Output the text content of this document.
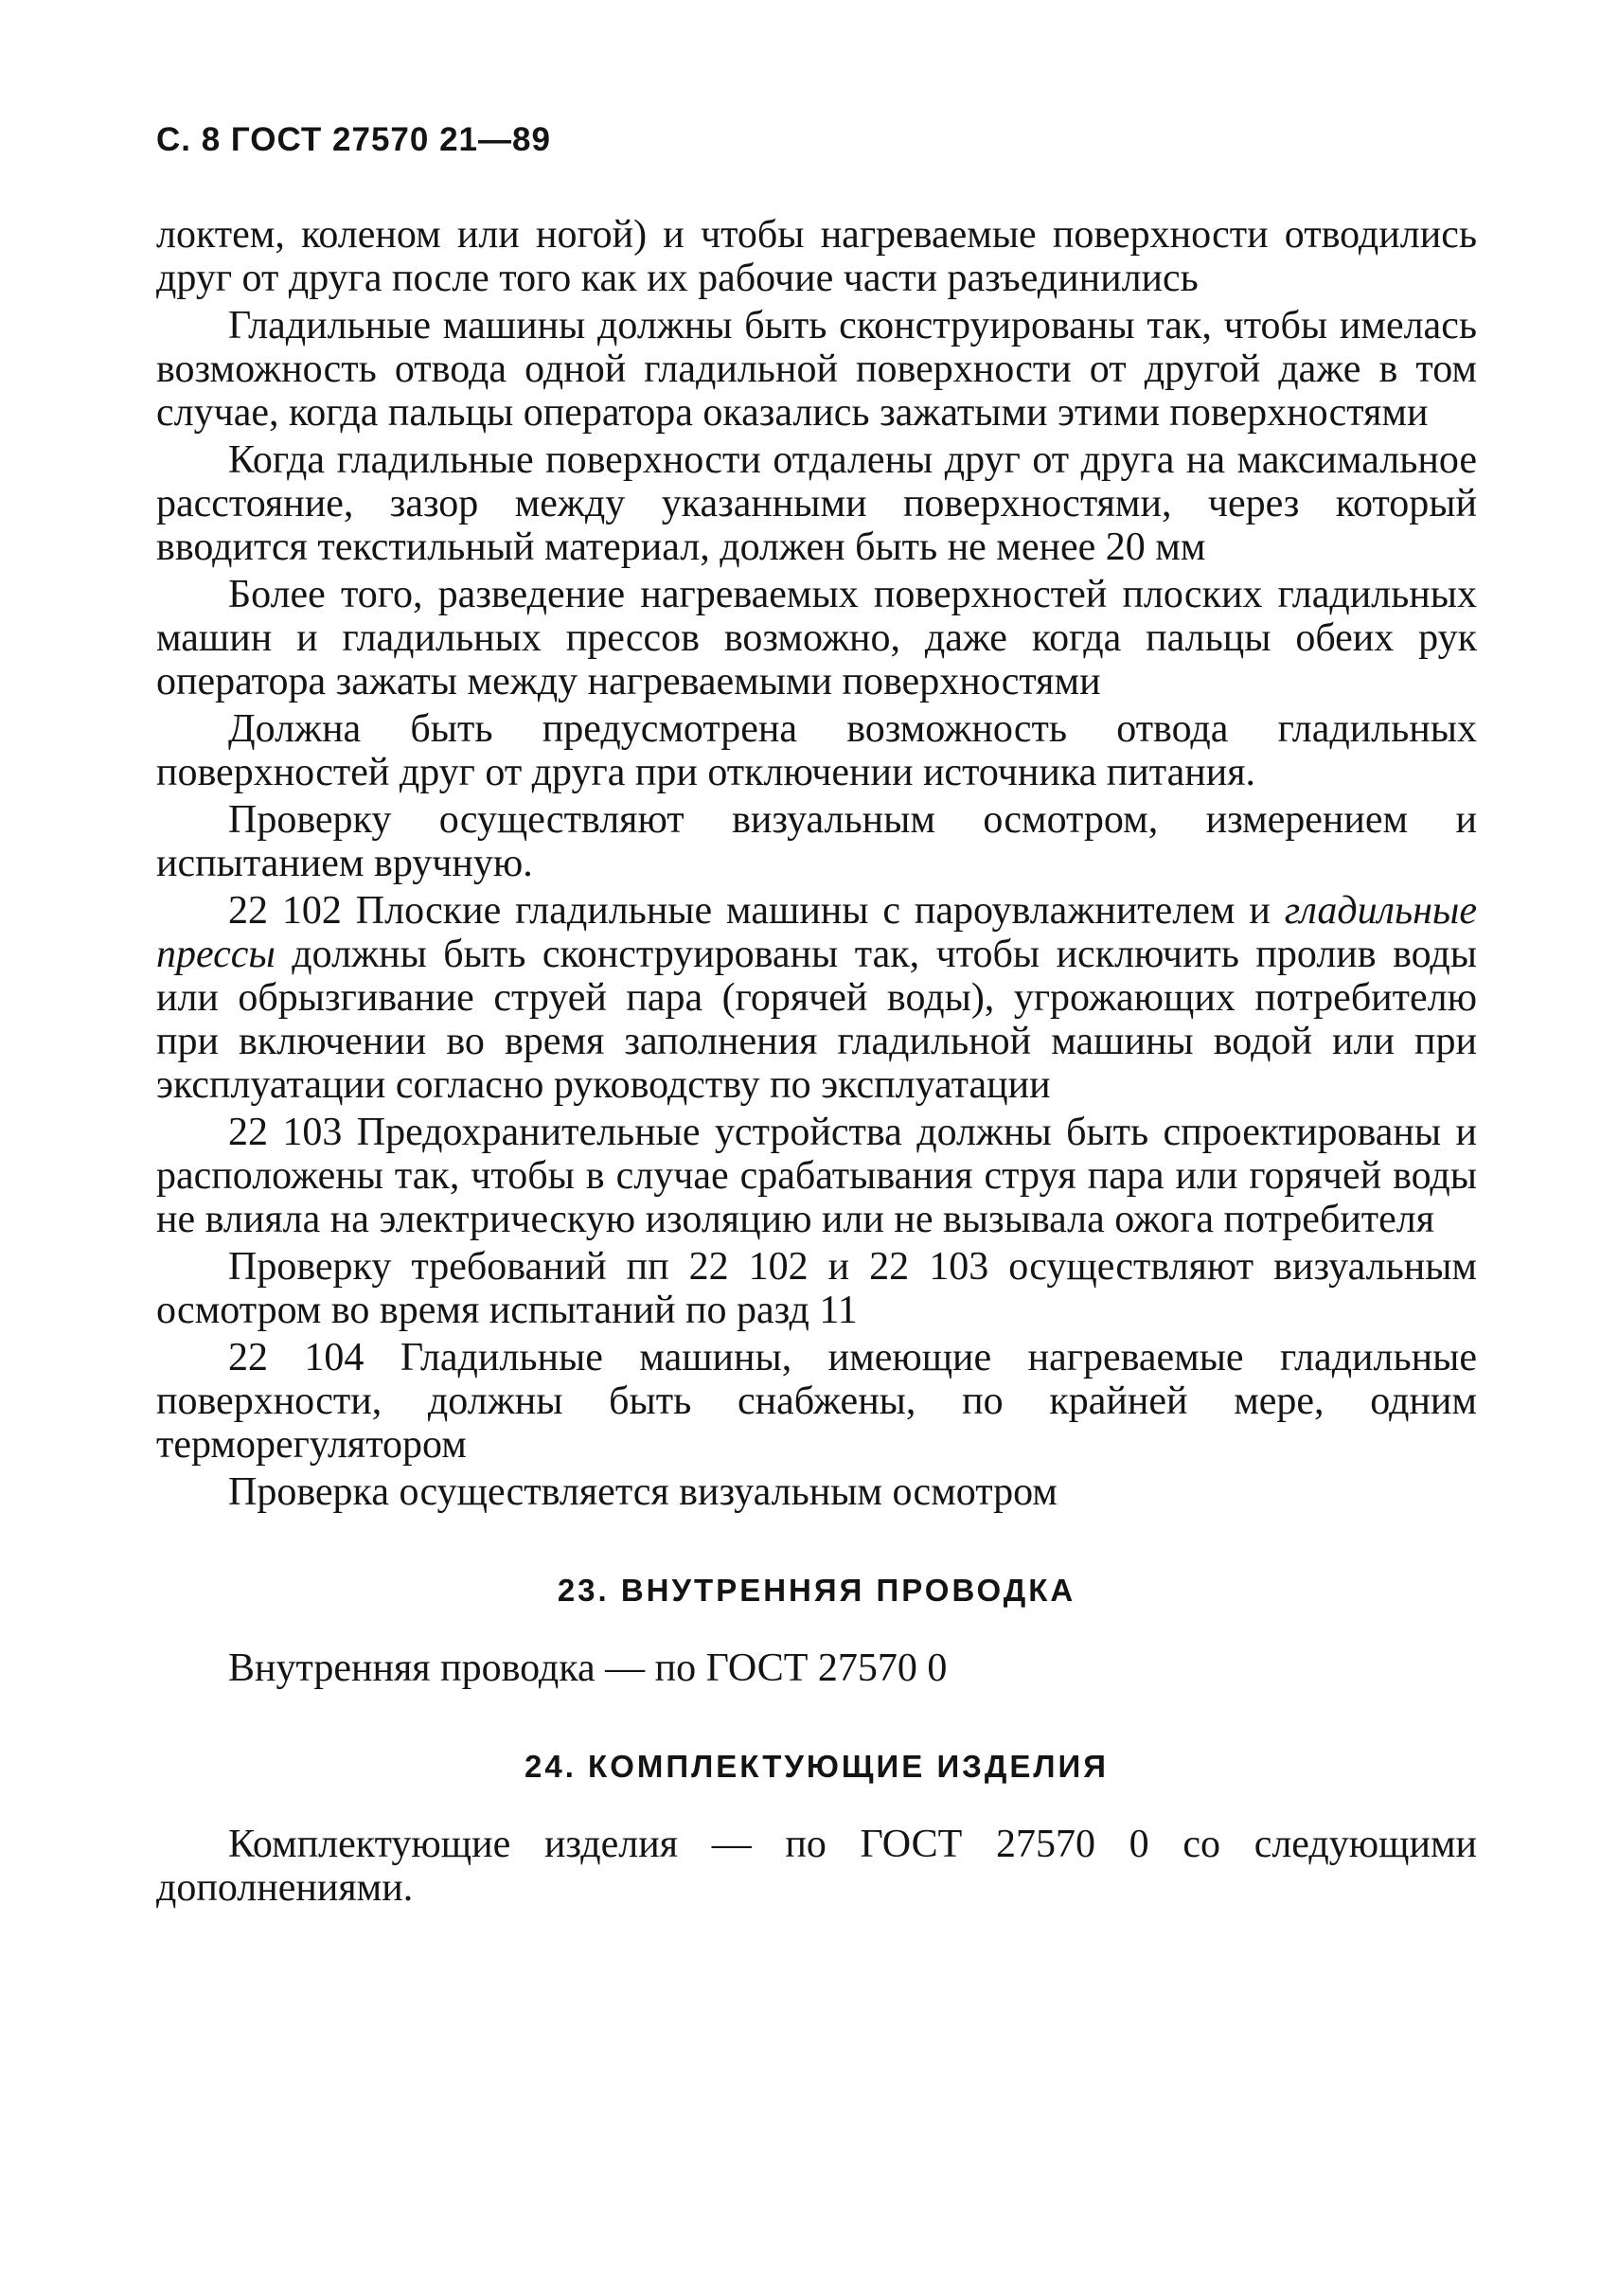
С. 8 ГОСТ 27570 21—89

локтем, коленом или ногой) и чтобы нагреваемые поверхности отводились друг от друга после того как их рабочие части разъединились

Гладильные машины должны быть сконструированы так, чтобы имелась возможность отвода одной гладильной поверхности от другой даже в том случае, когда пальцы оператора оказались зажатыми этими поверхностями

Когда гладильные поверхности отдалены друг от друга на максимальное расстояние, зазор между указанными поверхностями, через который вводится текстильный материал, должен быть не менее 20 мм

Более того, разведение нагреваемых поверхностей плоских гладильных машин и гладильных прессов возможно, даже когда пальцы обеих рук оператора зажаты между нагреваемыми поверхностями

Должна быть предусмотрена возможность отвода гладильных поверхностей друг от друга при отключении источника питания.

Проверку осуществляют визуальным осмотром, измерением и испытанием вручную.

22 102 Плоские гладильные машины с пароувлажнителем и гладильные прессы должны быть сконструированы так, чтобы исключить пролив воды или обрызгивание струей пара (горячей воды), угрожающих потребителю при включении во время заполнения гладильной машины водой или при эксплуатации согласно руководству по эксплуатации

22 103 Предохранительные устройства должны быть спроектированы и расположены так, чтобы в случае срабатывания струя пара или горячей воды не влияла на электрическую изоляцию или не вызывала ожога потребителя

Проверку требований пп 22 102 и 22 103 осуществляют визуальным осмотром во время испытаний по разд 11

22 104 Гладильные машины, имеющие нагреваемые гладильные поверхности, должны быть снабжены, по крайней мере, одним терморегулятором

Проверка осуществляется визуальным осмотром

23. ВНУТРЕННЯЯ ПРОВОДКА

Внутренняя проводка — по ГОСТ 27570 0

24. КОМПЛЕКТУЮЩИЕ ИЗДЕЛИЯ

Комплектующие изделия — по ГОСТ 27570 0 со следующими дополнениями.
